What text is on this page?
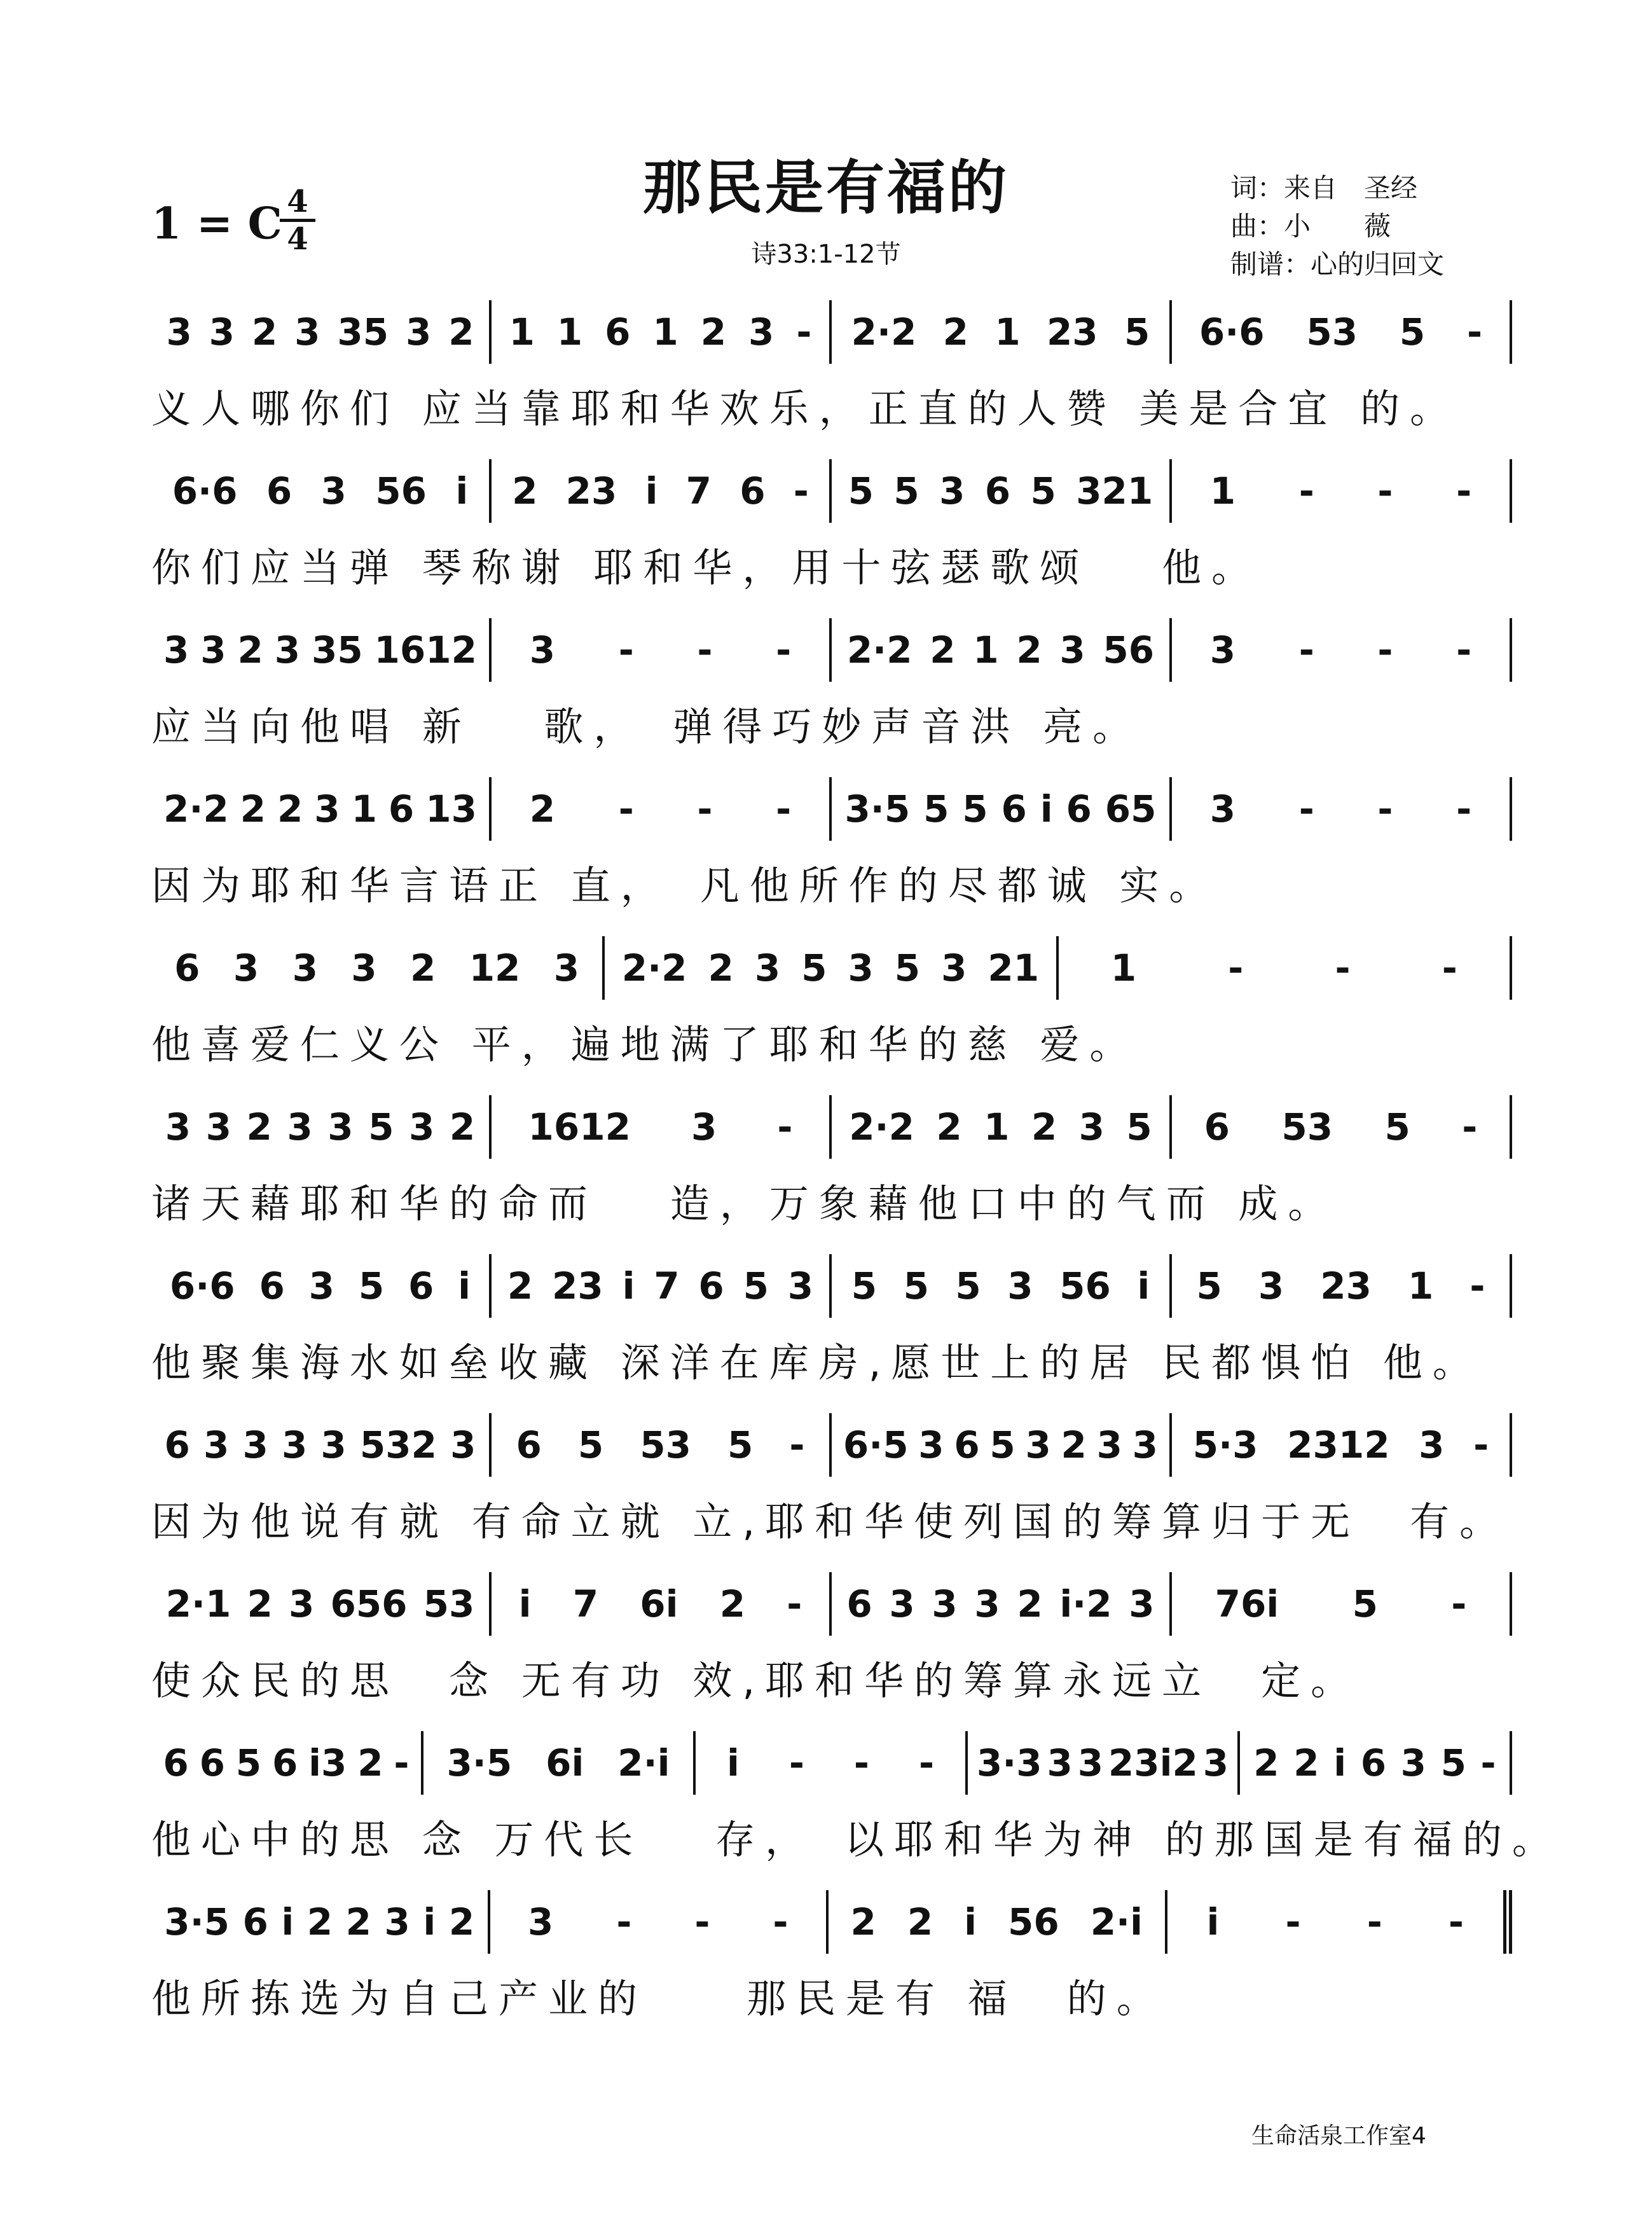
那民是有福的
诗33:1-12节
1 = C 4
4
词：来自　圣经
曲：小　　薇
制谱：心的归回文
3 3 2 3 35 3 2 1 1 6 1 2 3 - 2·2 2 1 23 5 6·6 53 5 -
义人哪你们 应当靠耶和华欢乐，正直的人赞 美是合宜 的。
6·6 6 3 56 i 2 23 i 7 6 - 5 5 3 6 5 321 1 - - -
你们应当弹 琴称谢 耶和华，用十弦瑟歌颂　 他。
3 3 2 3 35 1612 3 - - - 2·2 2 1 2 3 56 3 - - -
应当向他唱 新　 歌，　弹得巧妙声音洪 亮。
2·2 2 2 3 1 6 13 2 - - - 3·5 5 5 6 i 6 65 3 - - -
因为耶和华言语正 直，　凡他所作的尽都诚 实。
6 3 3 3 2 12 3 2·2 2 3 5 3 5 3 21 1 - - -
他喜爱仁义公 平，遍地满了耶和华的慈 爱。
3 3 2 3 3 5 3 2 1612 3 - 2·2 2 1 2 3 5 6 53 5 -
诸天藉耶和华的命而　 造，万象藉他口中的气而 成。
6·6 6 3 5 6 i 2 23 i 7 6 5 3 5 5 5 3 56 i 5 3 23 1 -
他聚集海水如垒收藏 深洋在库房,愿世上的居 民都惧怕 他。
6 3 3 3 3 532 3 6 5 53 5 - 6·5 3 6 5 3 2 3 3 5·3 2312 3 -
因为他说有就 有命立就 立,耶和华使列国的筹算归于无　有。
2·1 2 3 656 53 i 7 6i 2 - 6 3 3 3 2 i·2 3 76i 5 -
使众民的思　念 无有功 效,耶和华的筹算永远立　定。
6 6 5 6 i3 2 - 3·5 6i 2·i i - - - 3·3 3 3 23i2 3 2 2 i 6 3 5 -
他心中的思 念 万代长　 存，　以耶和华为神 的那国是有福的。
3·5 6 i 2 2 3 i 2 3 - - - 2 2 i 56 2·i i - - -
他所拣选为自己产业的　　那民是有 福　的。
生命活泉工作室4
